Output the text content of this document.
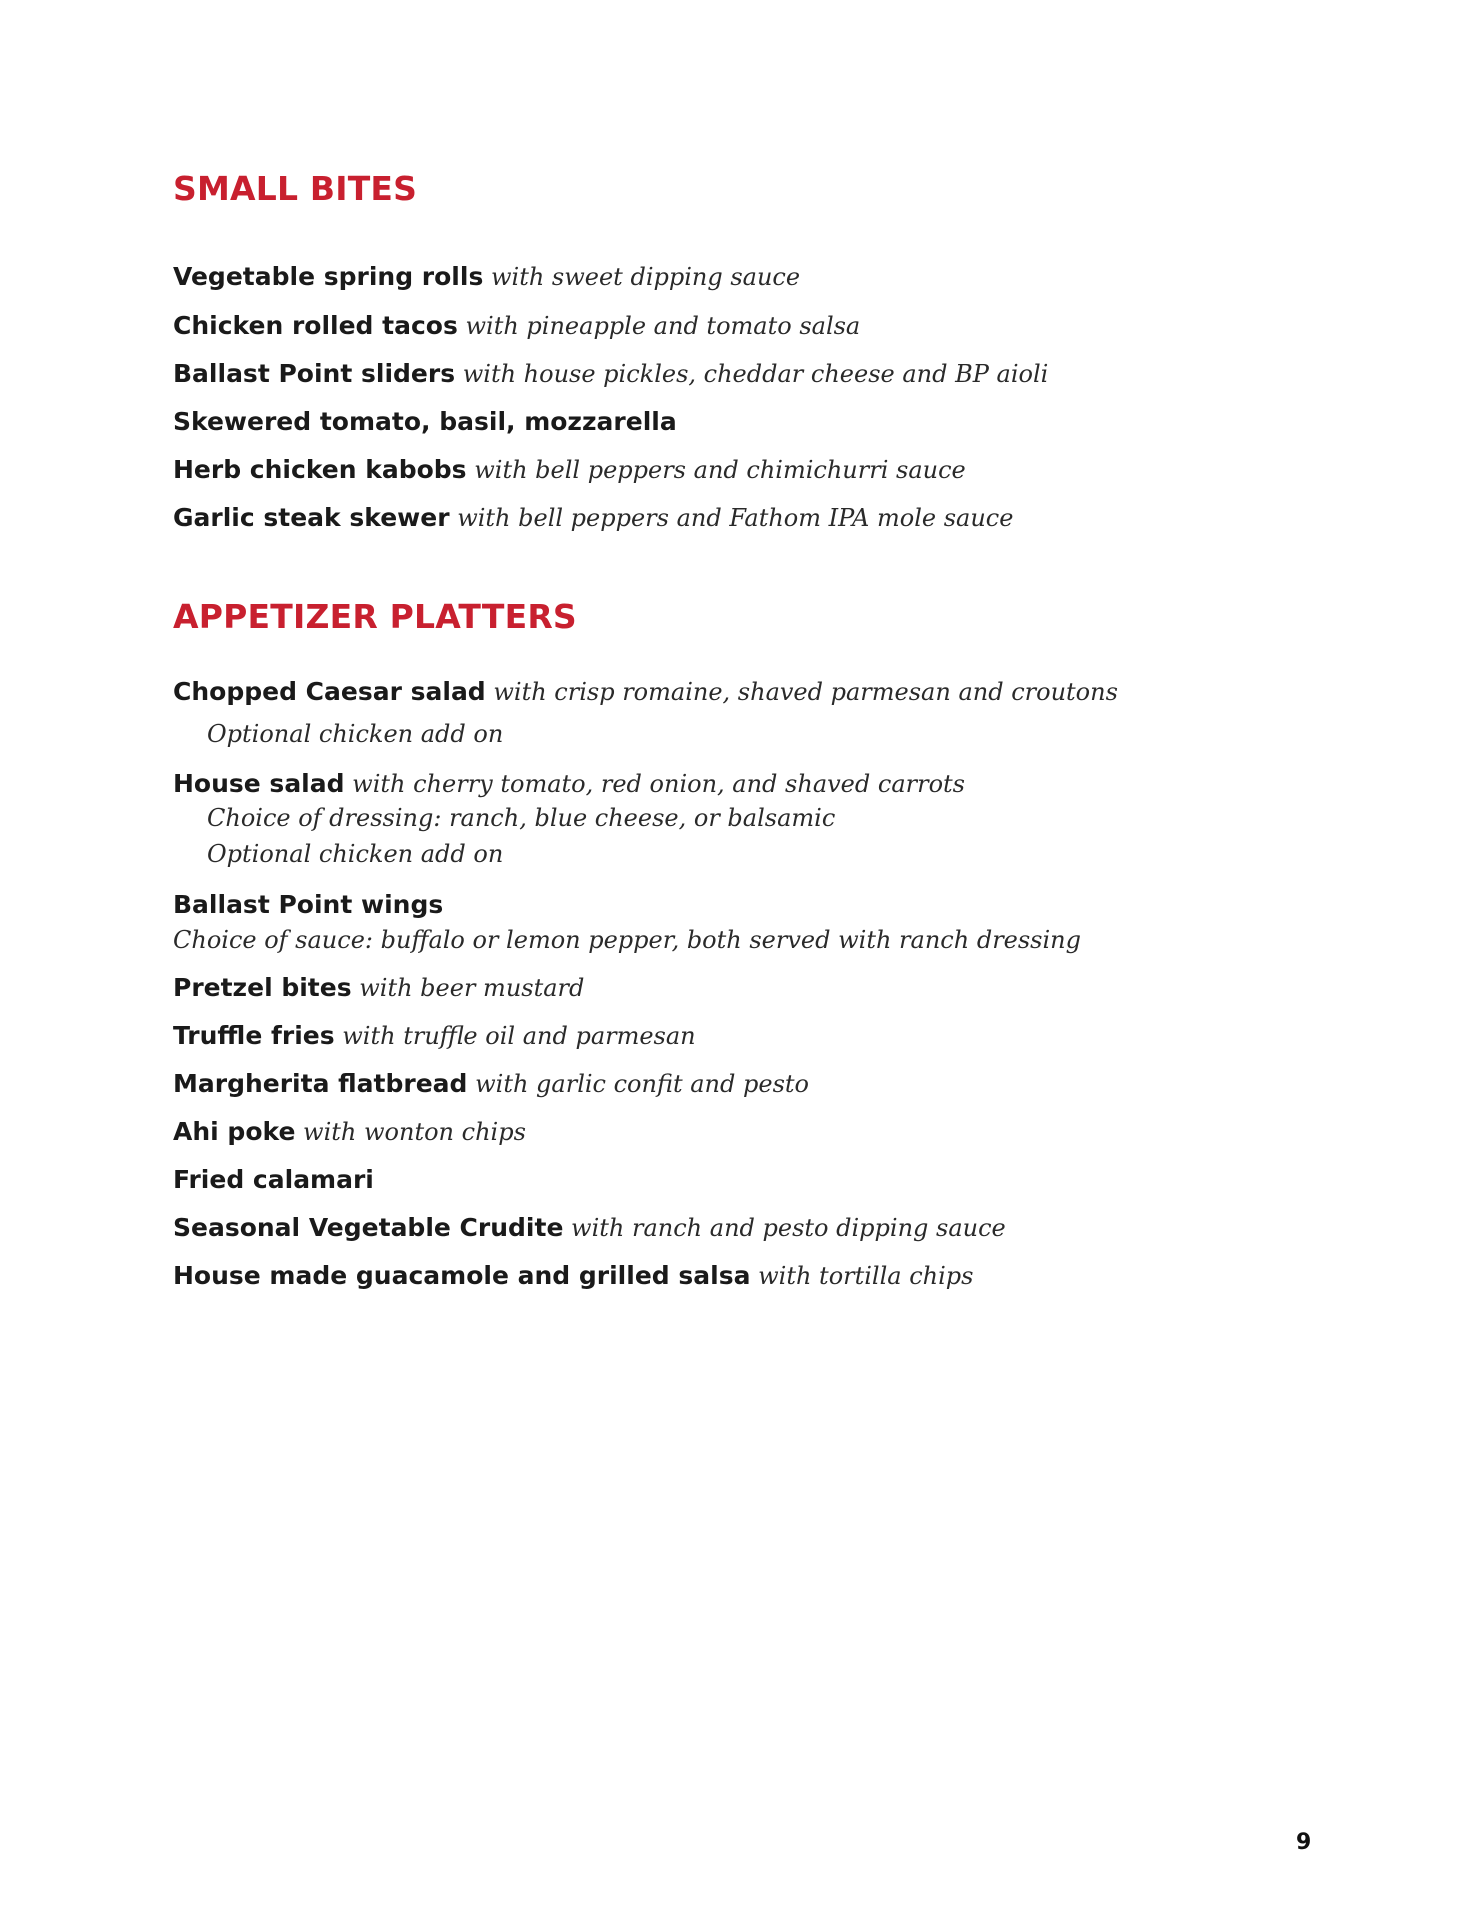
SMALL BITES
Vegetable spring rolls with sweet dipping sauce
Chicken rolled tacos with pineapple and tomato salsa
Ballast Point sliders with house pickles, cheddar cheese and BP aioli
Skewered tomato, basil, mozzarella
Herb chicken kabobs with bell peppers and chimichurri sauce
Garlic steak skewer with bell peppers and Fathom IPA mole sauce
APPETIZER PLATTERS
Chopped Caesar salad with crisp romaine, shaved parmesan and croutons
Optional chicken add on
House salad with cherry tomato, red onion, and shaved carrots
Choice of dressing: ranch, blue cheese, or balsamic
Optional chicken add on
Ballast Point wings
Choice of sauce: buffalo or lemon pepper, both served with ranch dressing
Pretzel bites with beer mustard
Truffle fries with truffle oil and parmesan
Margherita flatbread with garlic confit and pesto
Ahi poke with wonton chips
Fried calamari
Seasonal Vegetable Crudite with ranch and pesto dipping sauce
House made guacamole and grilled salsa with tortilla chips
9
